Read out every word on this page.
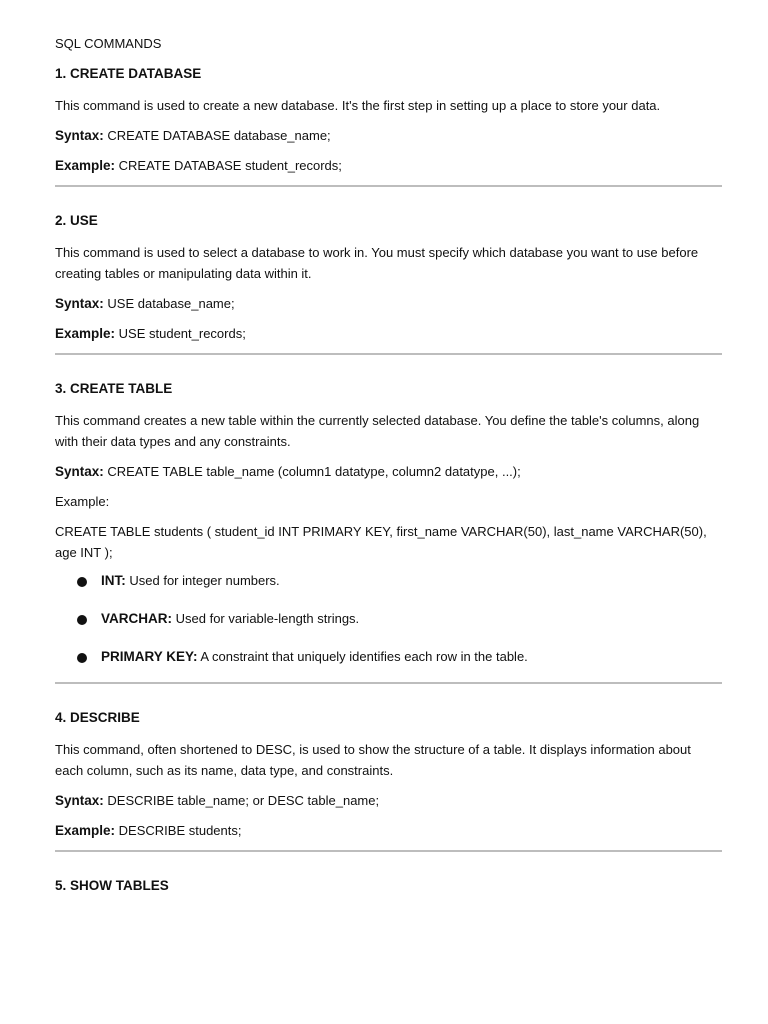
SQL COMMANDS
1. CREATE DATABASE
This command is used to create a new database. It's the first step in setting up a place to store your data.
Syntax: CREATE DATABASE database_name;
Example: CREATE DATABASE student_records;
2. USE
This command is used to select a database to work in. You must specify which database you want to use before creating tables or manipulating data within it.
Syntax: USE database_name;
Example: USE student_records;
3. CREATE TABLE
This command creates a new table within the currently selected database. You define the table's columns, along with their data types and any constraints.
Syntax: CREATE TABLE table_name (column1 datatype, column2 datatype, ...);
Example:
CREATE TABLE students ( student_id INT PRIMARY KEY, first_name VARCHAR(50), last_name VARCHAR(50), age INT );
INT: Used for integer numbers.
VARCHAR: Used for variable-length strings.
PRIMARY KEY: A constraint that uniquely identifies each row in the table.
4. DESCRIBE
This command, often shortened to DESC, is used to show the structure of a table. It displays information about each column, such as its name, data type, and constraints.
Syntax: DESCRIBE table_name; or DESC table_name;
Example: DESCRIBE students;
5. SHOW TABLES
